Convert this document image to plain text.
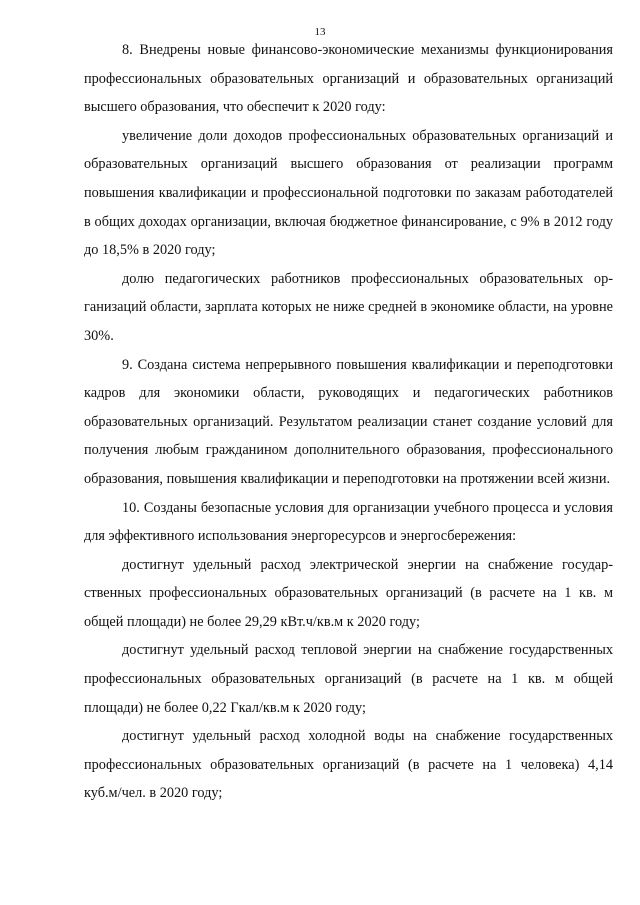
13

8. Внедрены новые финансово-экономические механизмы функционирования профессиональных образовательных организаций и образовательных организаций высшего образования, что обеспечит к 2020 году:

увеличение доли доходов профессиональных образовательных организаций и образовательных организаций высшего образования от реализации программ повышения квалификации и профессиональной подготовки по заказам работодателей в общих доходах организации, включая бюджетное финансирование, с 9% в 2012 году до 18,5% в 2020 году;

долю педагогических работников профессиональных образовательных организаций области, зарплата которых не ниже средней в экономике области, на уровне 30%.

9. Создана система непрерывного повышения квалификации и переподготовки кадров для экономики области, руководящих и педагогических работников образовательных организаций. Результатом реализации станет создание условий для получения любым гражданином дополнительного образования, профессионального образования, повышения квалификации и переподготовки на протяжении всей жизни.

10. Созданы безопасные условия для организации учебного процесса и условия для эффективного использования энергоресурсов и энергосбережения:

достигнут удельный расход электрической энергии на снабжение государственных профессиональных образовательных организаций (в расчете на 1 кв. м общей площади) не более 29,29 кВт.ч/кв.м к 2020 году;

достигнут удельный расход тепловой энергии на снабжение государственных профессиональных образовательных организаций (в расчете на 1 кв. м общей площади) не более 0,22 Гкал/кв.м к 2020 году;

достигнут удельный расход холодной воды на снабжение государственных профессиональных образовательных организаций (в расчете на 1 человека) 4,14 куб.м/чел. в 2020 году;
